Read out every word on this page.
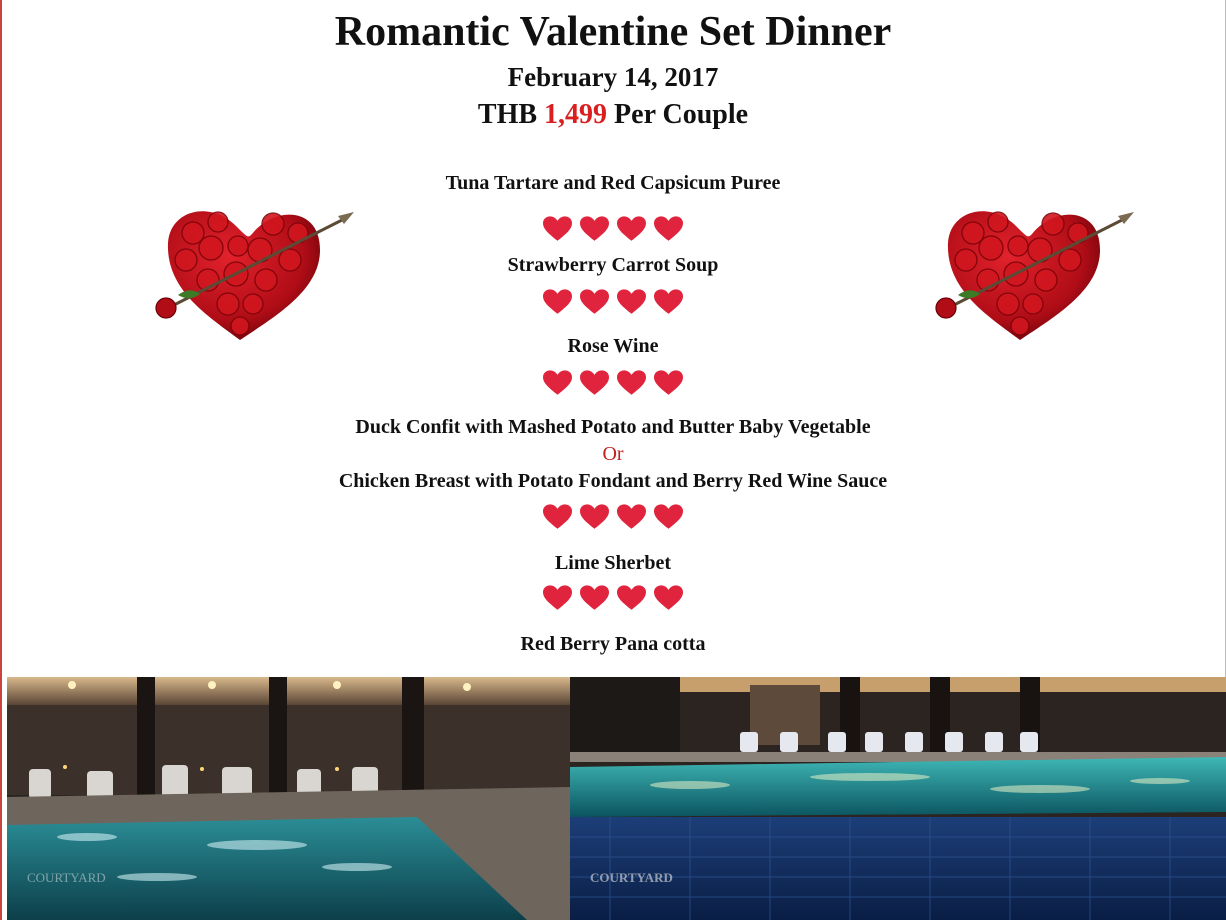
Romantic Valentine Set Dinner
February 14, 2017
THB 1,499 Per Couple
Tuna Tartare and Red Capsicum Puree
Strawberry Carrot Soup
Rose Wine
Duck Confit with Mashed Potato and Butter Baby Vegetable
Or
Chicken Breast with Potato Fondant and Berry Red Wine Sauce
Lime Sherbet
Red Berry Pana cotta
COURTYARD	COURTYARD
